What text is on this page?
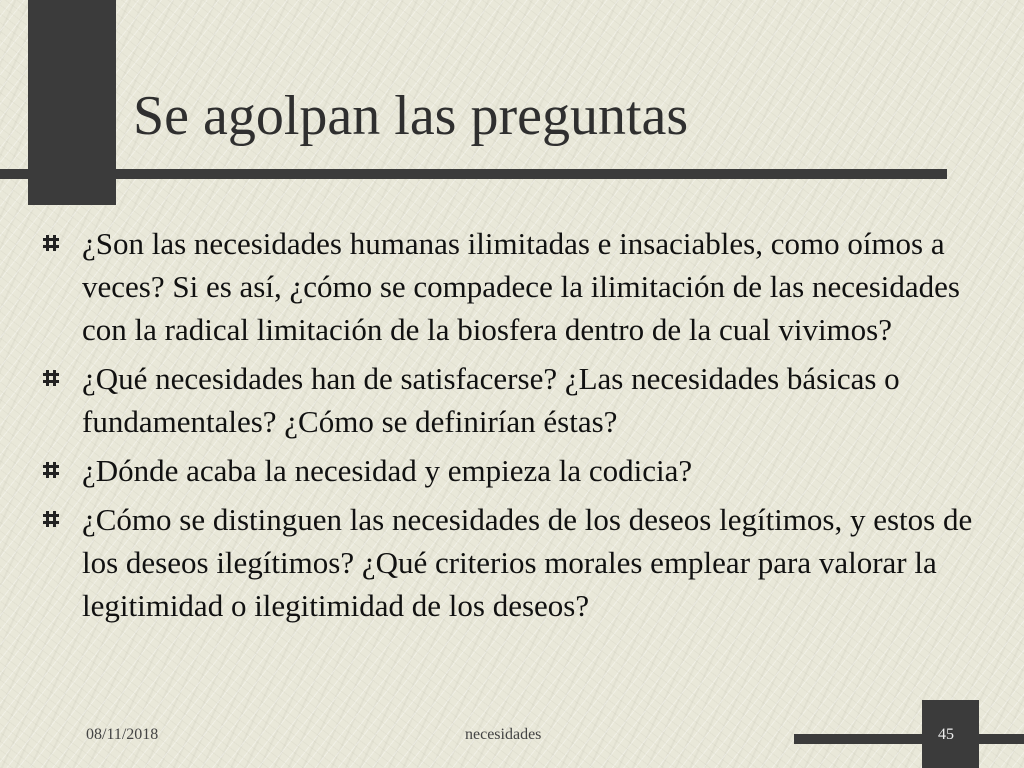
Se agolpan las preguntas
¿Son las necesidades humanas ilimitadas e insaciables, como oímos a veces? Si es así, ¿cómo se compadece la ilimitación de las necesidades con la radical limitación de la biosfera dentro de la cual vivimos?
¿Qué necesidades han de satisfacerse? ¿Las necesidades básicas o fundamentales? ¿Cómo se definirían éstas?
¿Dónde acaba la necesidad y empieza la codicia?
¿Cómo se distinguen las necesidades de los deseos legítimos, y estos de los deseos ilegítimos? ¿Qué criterios morales emplear para valorar la legitimidad o ilegitimidad de los deseos?
08/11/2018	necesidades	45
